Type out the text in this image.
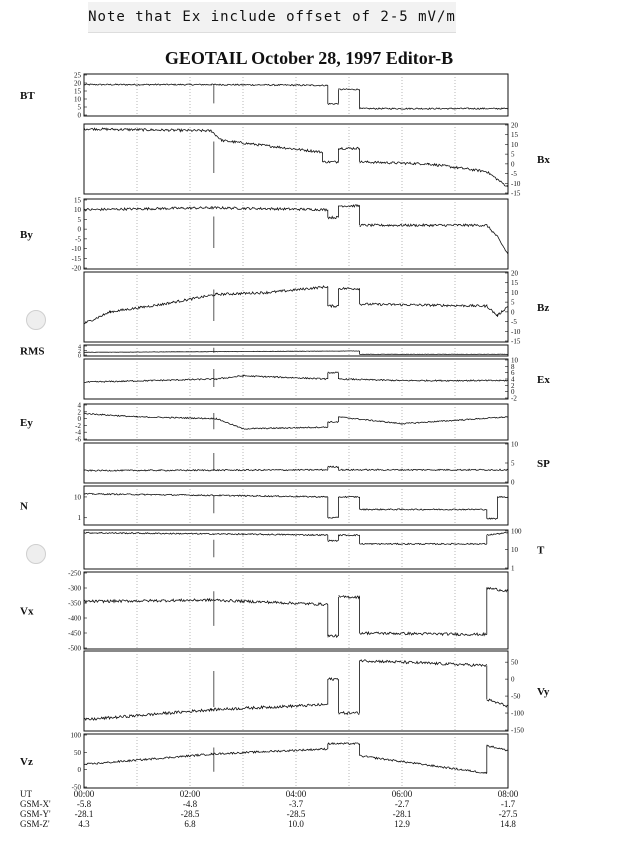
Note that Ex include offset of 2-5 mV/m
GEOTAIL October 28, 1997 Editor-B
25
20
15
10
5
0
BT
20
15
10
5
0
-5
-10
-15
Bx
15
10
5
0
-5
-10
-15
-20
By
20
15
10
5
0
-5
-10
-15
Bz
4
2
0
RMS
10
8
6
4
2
0
-2
Ex
4
2
0
-2
-4
-6
Ey
10
5
0
SP
10
1
N
100
10
1
T
-250
-300
-350
-400
-450
-500
Vx
50
0
-50
-100
-150
Vy
100
50
0
-50
Vz
UT	00:00	02:00	04:00	06:00	08:00
GSM-X'	-5.8	-4.8	-3.7	-2.7	-1.7
GSM-Y'	-28.1	-28.5	-28.5	-28.1	-27.5
GSM-Z'	4.3	6.8	10.0	12.9	14.8
